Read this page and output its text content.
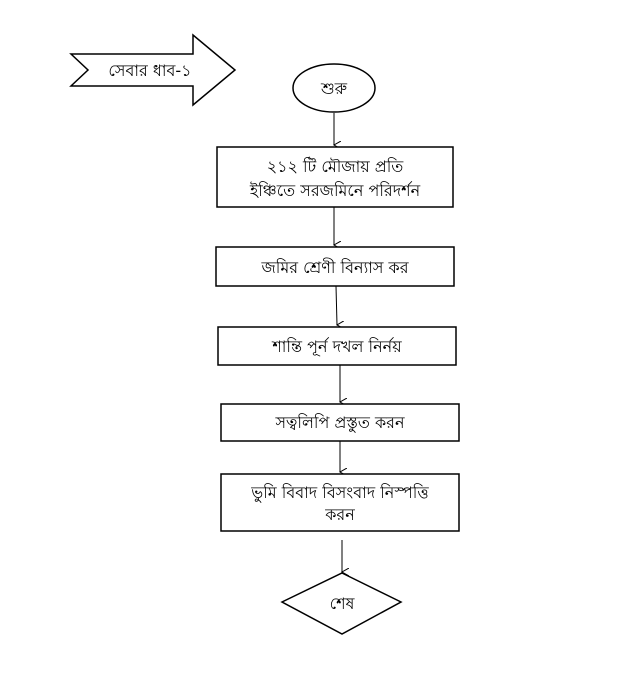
সেবার ধাব-১
শুরু
২১২ টি মৌজায় প্রতি
ইঞ্চিতে সরজমিনে পরিদর্শন
জমির শ্রেণী বিন্যাস কর
শান্তি পূর্ন দখল নির্নয়
সত্বলিপি প্রস্তুত করন
ভুমি বিবাদ বিসংবাদ নিস্পত্তি
করন
শেষ
